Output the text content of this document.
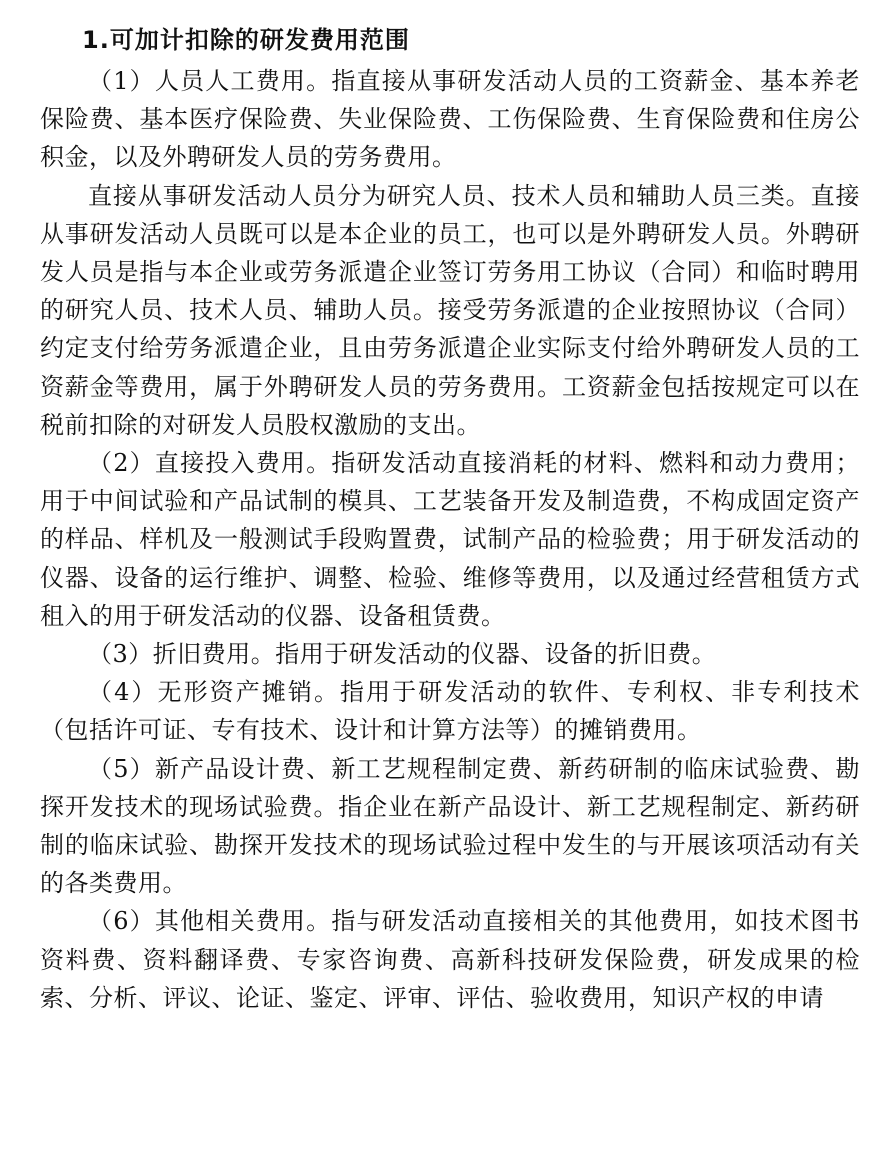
1.可加计扣除的研发费用范围

（1）人员人工费用。指直接从事研发活动人员的工资薪金、基本养老保险费、基本医疗保险费、失业保险费、工伤保险费、生育保险费和住房公积金，以及外聘研发人员的劳务费用。

直接从事研发活动人员分为研究人员、技术人员和辅助人员三类。直接从事研发活动人员既可以是本企业的员工，也可以是外聘研发人员。外聘研发人员是指与本企业或劳务派遣企业签订劳务用工协议（合同）和临时聘用的研究人员、技术人员、辅助人员。接受劳务派遣的企业按照协议（合同）约定支付给劳务派遣企业，且由劳务派遣企业实际支付给外聘研发人员的工资薪金等费用，属于外聘研发人员的劳务费用。工资薪金包括按规定可以在税前扣除的对研发人员股权激励的支出。

（2）直接投入费用。指研发活动直接消耗的材料、燃料和动力费用；用于中间试验和产品试制的模具、工艺装备开发及制造费，不构成固定资产的样品、样机及一般测试手段购置费，试制产品的检验费；用于研发活动的仪器、设备的运行维护、调整、检验、维修等费用，以及通过经营租赁方式租入的用于研发活动的仪器、设备租赁费。

（3）折旧费用。指用于研发活动的仪器、设备的折旧费。

（4）无形资产摊销。指用于研发活动的软件、专利权、非专利技术（包括许可证、专有技术、设计和计算方法等）的摊销费用。

（5）新产品设计费、新工艺规程制定费、新药研制的临床试验费、勘探开发技术的现场试验费。指企业在新产品设计、新工艺规程制定、新药研制的临床试验、勘探开发技术的现场试验过程中发生的与开展该项活动有关的各类费用。

（6）其他相关费用。指与研发活动直接相关的其他费用，如技术图书资料费、资料翻译费、专家咨询费、高新科技研发保险费，研发成果的检索、分析、评议、论证、鉴定、评审、评估、验收费用，知识产权的申请
